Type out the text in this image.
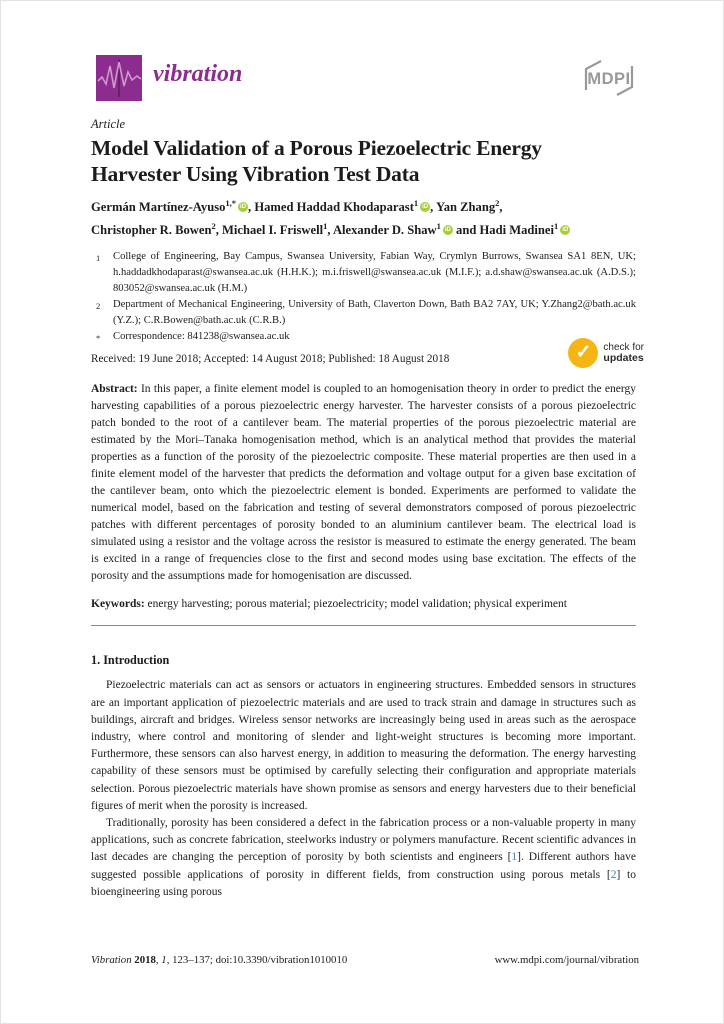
vibration	MDPI
✓	check for
updates
Article
Model Validation of a Porous Piezoelectric Energy Harvester Using Vibration Test Data
Germán Martínez-Ayuso$^{1,*}$ iD , Hamed Haddad Khodaparast$^1$ iD , Yan Zhang$^2$,
Christopher R. Bowen$^2$, Michael I. Friswell$^1$, Alexander D. Shaw$^1$ iD and Hadi Madinei$^1$ iD
1	College of Engineering, Bay Campus, Swansea University, Fabian Way, Crymlyn Burrows, Swansea SA1 8EN, UK; h.haddadkhodaparast@swansea.ac.uk (H.H.K.); m.i.friswell@swansea.ac.uk (M.I.F.); a.d.shaw@swansea.ac.uk (A.D.S.); 803052@swansea.ac.uk (H.M.)
2	Department of Mechanical Engineering, University of Bath, Claverton Down, Bath BA2 7AY, UK; Y.Zhang2@bath.ac.uk (Y.Z.); C.R.Bowen@bath.ac.uk (C.R.B.)
*	Correspondence: 841238@swansea.ac.uk
Received: 19 June 2018; Accepted: 14 August 2018; Published: 18 August 2018
Abstract: In this paper, a finite element model is coupled to an homogenisation theory in order to predict the energy harvesting capabilities of a porous piezoelectric energy harvester. The harvester consists of a porous piezoelectric patch bonded to the root of a cantilever beam. The material properties of the porous piezoelectric material are estimated by the Mori–Tanaka homogenisation method, which is an analytical method that provides the material properties as a function of the porosity of the piezoelectric composite. These material properties are then used in a finite element model of the harvester that predicts the deformation and voltage output for a given base excitation of the cantilever beam, onto which the piezoelectric element is bonded. Experiments are performed to validate the numerical model, based on the fabrication and testing of several demonstrators composed of porous piezoelectric patches with different percentages of porosity bonded to an aluminium cantilever beam. The electrical load is simulated using a resistor and the voltage across the resistor is measured to estimate the energy generated. The beam is excited in a range of frequencies close to the first and second modes using base excitation. The effects of the porosity and the assumptions made for homogenisation are discussed.
Keywords: energy harvesting; porous material; piezoelectricity; model validation; physical experiment
1. Introduction
Piezoelectric materials can act as sensors or actuators in engineering structures. Embedded sensors in structures are an important application of piezoelectric materials and are used to track strain and damage in structures such as buildings, aircraft and bridges. Wireless sensor networks are increasingly being used in areas such as the aerospace industry, where control and monitoring of slender and light-weight structures is becoming more important. Furthermore, these sensors can also harvest energy, in addition to measuring the deformation. The energy harvesting capability of these sensors must be optimised by carefully selecting their configuration and appropriate materials selection. Porous piezoelectric materials have shown promise as sensors and energy harvesters due to their beneficial figures of merit when the porosity is increased.
Traditionally, porosity has been considered a defect in the fabrication process or a non-valuable property in many applications, such as concrete fabrication, steelworks industry or polymers manufacture. Recent scientific advances in last decades are changing the perception of porosity by both scientists and engineers [1]. Different authors have suggested possible applications of porosity in different fields, from construction using porous metals [2] to bioengineering using porous
Vibration 2018, 1, 123–137; doi:10.3390/vibration1010010	www.mdpi.com/journal/vibration
